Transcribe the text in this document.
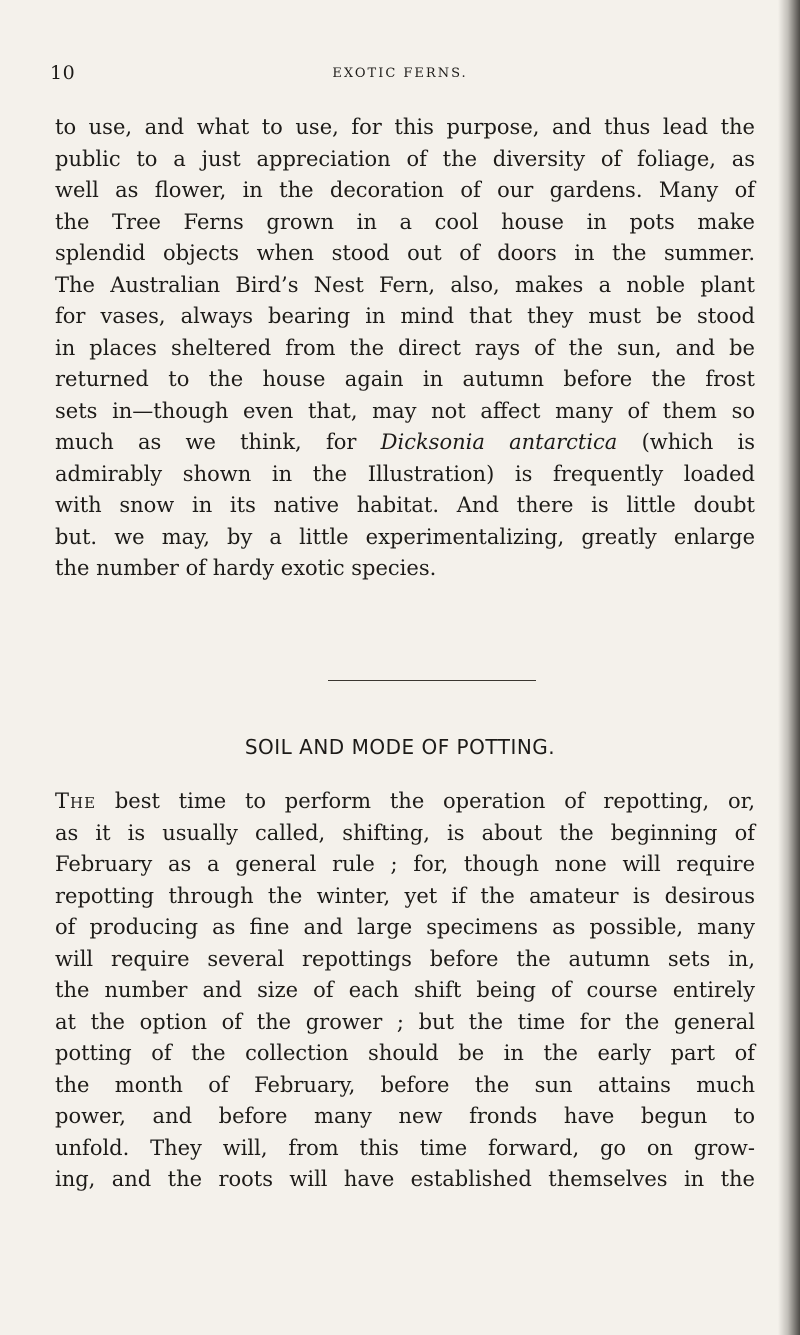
10	EXOTIC FERNS.
to use, and what to use, for this purpose, and thus lead the
public to a just appreciation of the diversity of foliage, as
well as flower, in the decoration of our gardens. Many of
the Tree Ferns grown in a cool house in pots make
splendid objects when stood out of doors in the summer.
The Australian Bird’s Nest Fern, also, makes a noble plant
for vases, always bearing in mind that they must be stood
in places sheltered from the direct rays of the sun, and be
returned to the house again in autumn before the frost
sets in—though even that, may not affect many of them so
much as we think, for Dicksonia antarctica (which is
admirably shown in the Illustration) is frequently loaded
with snow in its native habitat. And there is little doubt
but. we may, by a little experimentalizing, greatly enlarge
the number of hardy exotic species.
SOIL AND MODE OF POTTING.
The best time to perform the operation of repotting, or,
as it is usually called, shifting, is about the beginning of
February as a general rule ; for, though none will require
repotting through the winter, yet if the amateur is desirous
of producing as fine and large specimens as possible, many
will require several repottings before the autumn sets in,
the number and size of each shift being of course entirely
at the option of the grower ; but the time for the general
potting of the collection should be in the early part of
the month of February, before the sun attains much
power, and before many new fronds have begun to
unfold. They will, from this time forward, go on grow-
ing, and the roots will have established themselves in the
